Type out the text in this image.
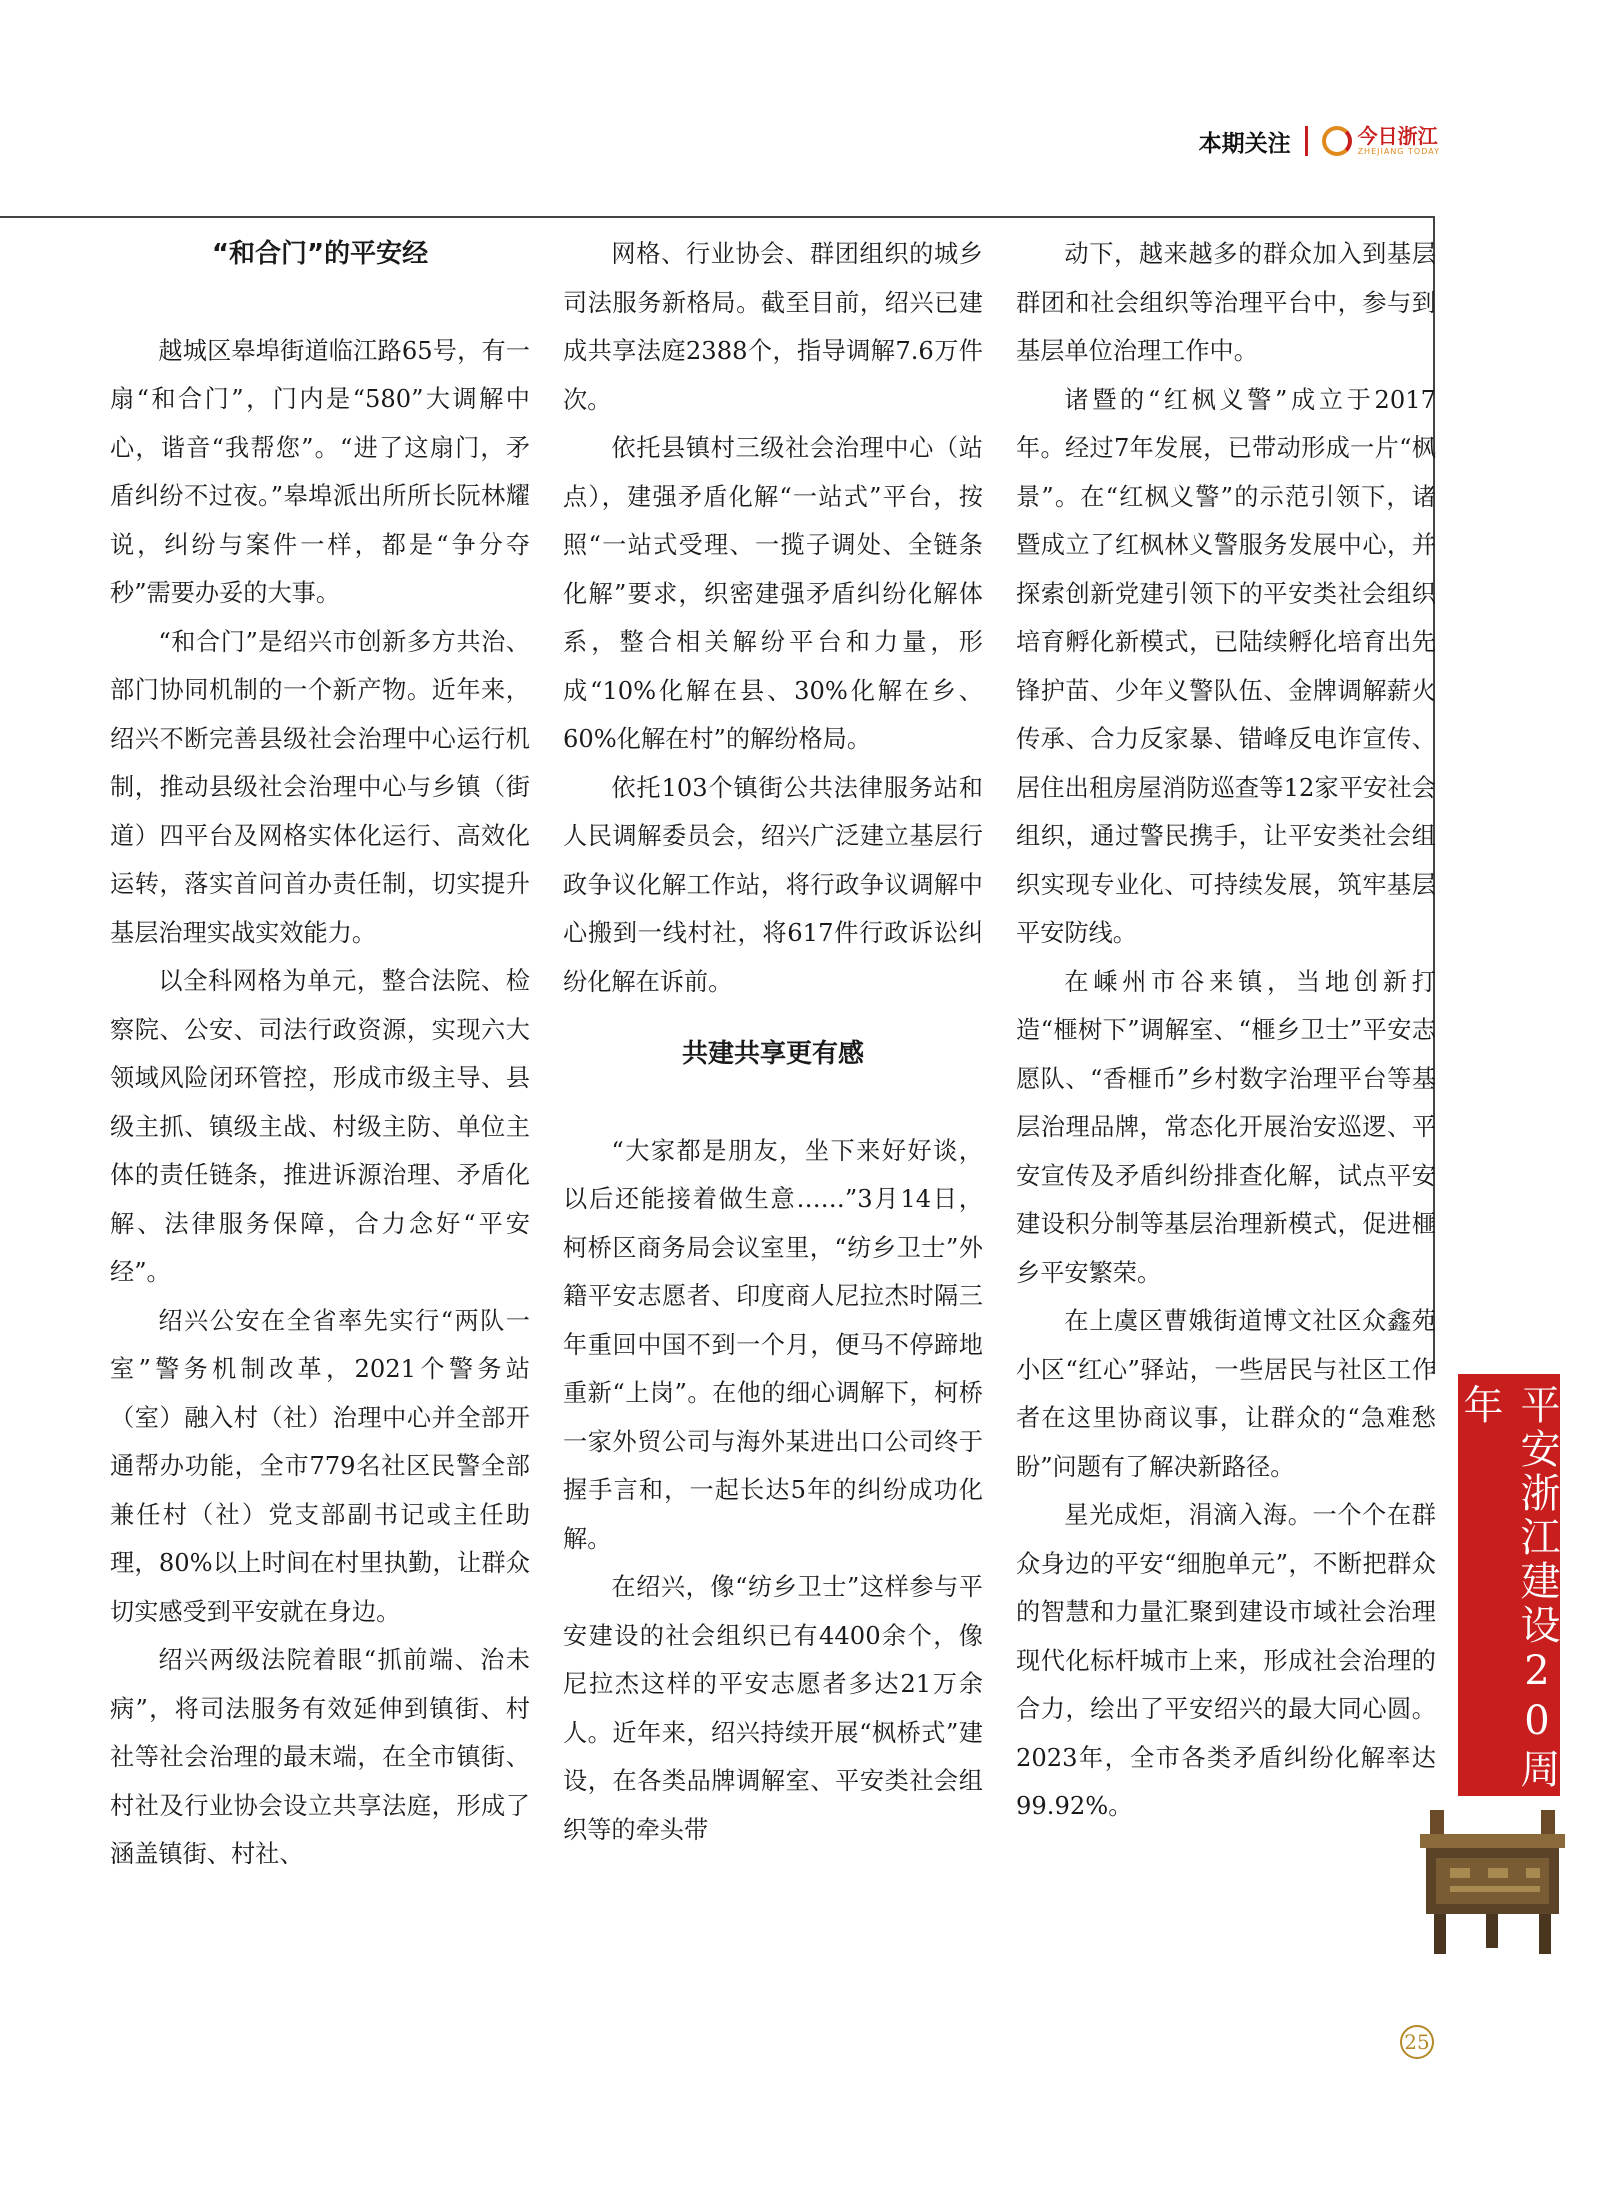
本期关注	今日浙江
ZHEJIANG TODAY
“和合门”的平安经

越城区皋埠街道临江路65号，有一扇“和合门”，门内是“580”大调解中心，谐音“我帮您”。“进了这扇门，矛盾纠纷不过夜。”皋埠派出所所长阮林耀说，纠纷与案件一样，都是“争分夺秒”需要办妥的大事。

“和合门”是绍兴市创新多方共治、部门协同机制的一个新产物。近年来，绍兴不断完善县级社会治理中心运行机制，推动县级社会治理中心与乡镇（街道）四平台及网格实体化运行、高效化运转，落实首问首办责任制，切实提升基层治理实战实效能力。

以全科网格为单元，整合法院、检察院、公安、司法行政资源，实现六大领域风险闭环管控，形成市级主导、县级主抓、镇级主战、村级主防、单位主体的责任链条，推进诉源治理、矛盾化解、法律服务保障，合力念好“平安经”。

绍兴公安在全省率先实行“两队一室”警务机制改革，2021个警务站（室）融入村（社）治理中心并全部开通帮办功能，全市779名社区民警全部兼任村（社）党支部副书记或主任助理，80%以上时间在村里执勤，让群众切实感受到平安就在身边。

绍兴两级法院着眼“抓前端、治未病”，将司法服务有效延伸到镇街、村社等社会治理的最末端，在全市镇街、村社及行业协会设立共享法庭，形成了涵盖镇街、村社、

网格、行业协会、群团组织的城乡司法服务新格局。截至目前，绍兴已建成共享法庭2388个，指导调解7.6万件次。

依托县镇村三级社会治理中心（站点），建强矛盾化解“一站式”平台，按照“一站式受理、一揽子调处、全链条化解”要求，织密建强矛盾纠纷化解体系，整合相关解纷平台和力量，形成“10%化解在县、30%化解在乡、60%化解在村”的解纷格局。

依托103个镇街公共法律服务站和人民调解委员会，绍兴广泛建立基层行政争议化解工作站，将行政争议调解中心搬到一线村社，将617件行政诉讼纠纷化解在诉前。

共建共享更有感

“大家都是朋友，坐下来好好谈，以后还能接着做生意……”3月14日，柯桥区商务局会议室里，“纺乡卫士”外籍平安志愿者、印度商人尼拉杰时隔三年重回中国不到一个月，便马不停蹄地重新“上岗”。在他的细心调解下，柯桥一家外贸公司与海外某进出口公司终于握手言和，一起长达5年的纠纷成功化解。

在绍兴，像“纺乡卫士”这样参与平安建设的社会组织已有4400余个，像尼拉杰这样的平安志愿者多达21万余人。近年来，绍兴持续开展“枫桥式”建设，在各类品牌调解室、平安类社会组织等的牵头带

动下，越来越多的群众加入到基层群团和社会组织等治理平台中，参与到基层单位治理工作中。

诸暨的“红枫义警”成立于2017年。经过7年发展，已带动形成一片“枫景”。在“红枫义警”的示范引领下，诸暨成立了红枫林义警服务发展中心，并探索创新党建引领下的平安类社会组织培育孵化新模式，已陆续孵化培育出先锋护苗、少年义警队伍、金牌调解薪火传承、合力反家暴、错峰反电诈宣传、居住出租房屋消防巡查等12家平安社会组织，通过警民携手，让平安类社会组织实现专业化、可持续发展，筑牢基层平安防线。

在嵊州市谷来镇，当地创新打造“榧树下”调解室、“榧乡卫士”平安志愿队、“香榧币”乡村数字治理平台等基层治理品牌，常态化开展治安巡逻、平安宣传及矛盾纠纷排查化解，试点平安建设积分制等基层治理新模式，促进榧乡平安繁荣。

在上虞区曹娥街道博文社区众鑫苑小区“红心”驿站，一些居民与社区工作者在这里协商议事，让群众的“急难愁盼”问题有了解决新路径。

星光成炬，涓滴入海。一个个在群众身边的平安“细胞单元”，不断把群众的智慧和力量汇聚到建设市域社会治理现代化标杆城市上来，形成社会治理的合力，绘出了平安绍兴的最大同心圆。2023年，全市各类矛盾纠纷化解率达99.92%。

平安浙江建设20周年
25
